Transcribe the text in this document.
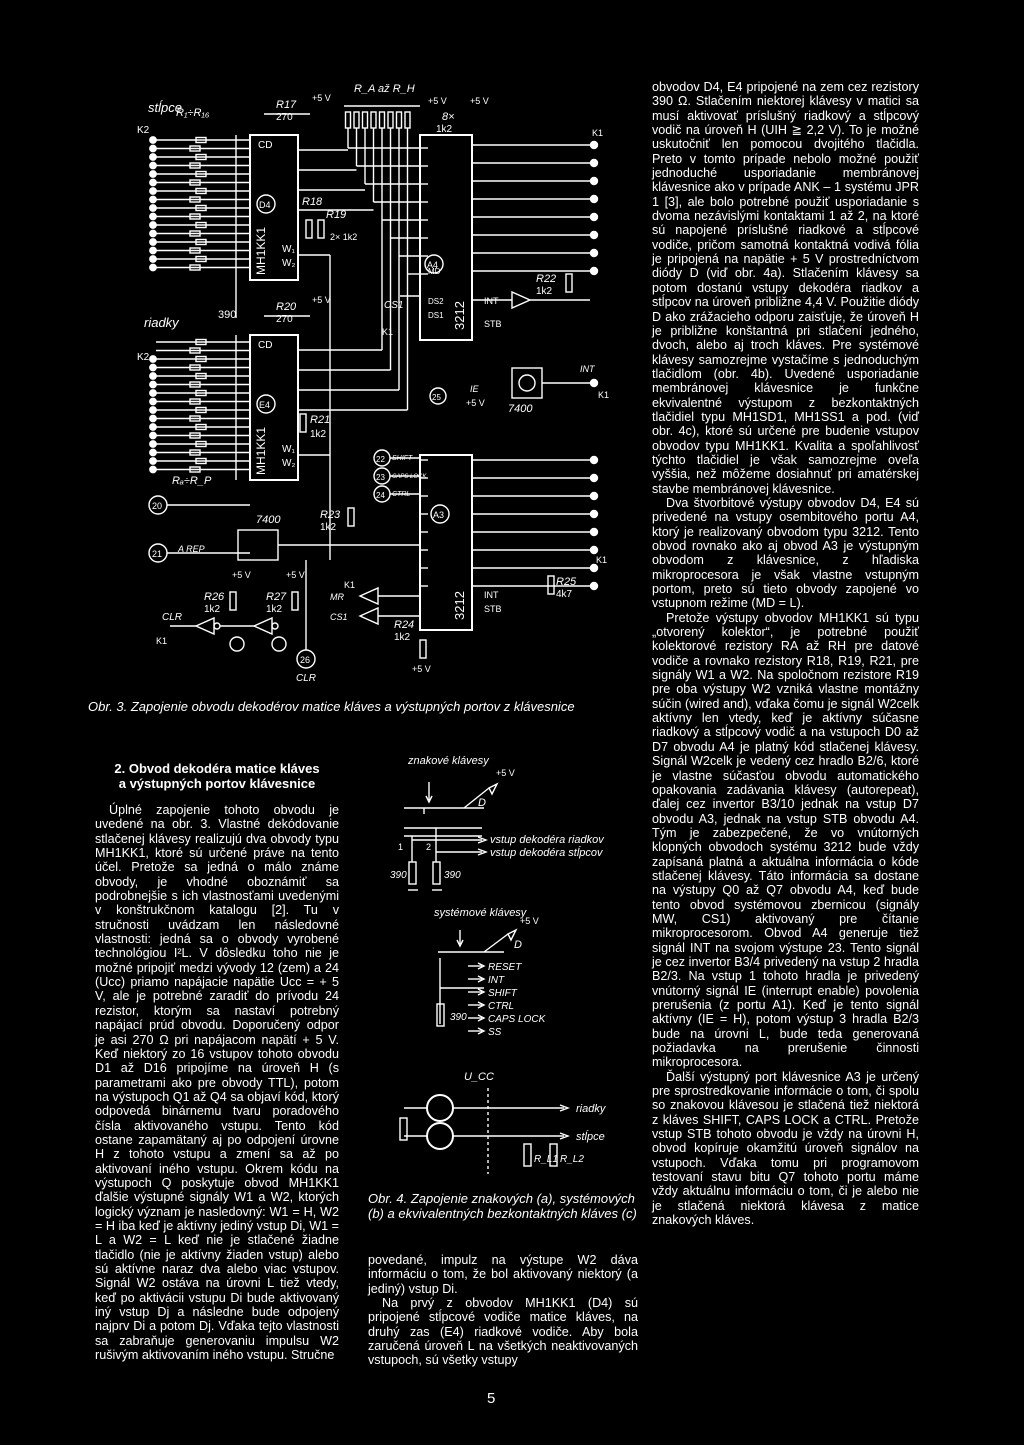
stĺpce
K2
R₁÷R₁₆
riadky
K2
Rₐ÷R_P
390
CD
D4
MH1KK1
R17
270
+5 V
CD
E4
MH1KK1
R20
270
+5 V
R_A až R_H
8×
1k2
+5 V
R18
R19
2× 1k2
W₁
W₂
R21
1k2
W₁
W₂
A4
3212
MD
DS2
DS1
CS1
K1
+5 V
INT
STB
A3
3212 INT
STB
SHIFT
CAPS LOCK
CTRL
22
23
24
25
IE
+5 V
K1
K1
K1
R22
1k2
INT
7400
R25
4k7
20
21 A REP
7400	R23
1k2
R26
1k2
R27
1k2
+5 V	+5 V
CLR
K1
26
CLR
MR
K1
CS1
R24
1k2
+5 V
Obr. 3. Zapojenie obvodu dekodérov matice kláves a výstupných portov z klávesnice
2. Obvod dekodéra matice kláves
a výstupných portov klávesnice

Úplné zapojenie tohoto obvodu je uvedené na obr. 3. Vlastné dekódovanie stlačenej klávesy realizujú dva obvody typu MH1KK1, ktoré sú určené práve na tento účel. Pretože sa jedná o málo známe obvody, je vhodné oboznámiť sa podrobnejšie s ich vlastnosťami uvedenými v konštrukčnom katalogu [2]. Tu v stručnosti uvádzam len následovné vlastnosti: jedná sa o obvody vyrobené technológiou I²L. V dôsledku toho nie je možné pripojiť medzi vývody 12 (zem) a 24 (Ucc) priamo napájacie napätie Ucc = + 5 V, ale je potrebné zaradiť do prívodu 24 rezistor, ktorým sa nastaví potrebný napájací prúd obvodu. Doporučený odpor je asi 270 Ω pri napájacom napätí + 5 V. Keď niektorý zo 16 vstupov tohoto obvodu D1 až D16 pripojíme na úroveň H (s parametrami ako pre obvody TTL), potom na výstupoch Q1 až Q4 sa objaví kód, ktorý odpovedá binárnemu tvaru poradového čísla aktivovaného vstupu. Tento kód ostane zapamätaný aj po odpojení úrovne H z tohoto vstupu a zmení sa až po aktivovaní iného vstupu. Okrem kódu na výstupoch Q poskytuje obvod MH1KK1 ďalšie výstupné signály W1 a W2, ktorých logický význam je nasledovný: W1 = H, W2 = H iba keď je aktívny jediný vstup Di, W1 = L a W2 = L keď nie je stlačené žiadne tlačidlo (nie je aktívny žiaden vstup) alebo sú aktívne naraz dva alebo viac vstupov. Signál W2 ostáva na úrovni L tiež vtedy, keď po aktivácii vstupu Di bude aktivovaný iný vstup Dj a následne bude odpojený najprv Di a potom Dj. Vďaka tejto vlastnosti sa zabraňuje generovaniu impulsu W2 rušivým aktivovaním iného vstupu. Stručne

znakové klávesy
+5 V
D
1	2
vstup dekodéra riadkov
vstup dekodéra stĺpcov
390	390
systémové klávesy
+5 V
D
390
RESET
INT
SHIFT
CTRL
CAPS LOCK
SS
U_CC
R_L1 R_L2
riadky
stĺpce
Obr. 4. Zapojenie znakových (a), systémových (b) a ekvivalentných bezkontaktných kláves (c)

povedané, impulz na výstupe W2 dáva informáciu o tom, že bol aktivovaný niektorý (a jediný) vstup Di.

Na prvý z obvodov MH1KK1 (D4) sú pripojené stĺpcové vodiče matice kláves, na druhý zas (E4) riadkové vodiče. Aby bola zaručená úroveň L na všetkých neaktivovaných vstupoch, sú všetky vstupy

obvodov D4, E4 pripojené na zem cez rezistory 390 Ω. Stlačením niektorej klávesy v matici sa musí aktivovať príslušný riadkový a stĺpcový vodič na úroveň H (UIH ≧ 2,2 V). To je možné uskutočniť len pomocou dvojitého tlačidla. Preto v tomto prípade nebolo možné použiť jednoduché usporiadanie membránovej klávesnice ako v prípade ANK – 1 systému JPR 1 [3], ale bolo potrebné použiť usporiadanie s dvoma nezávislými kontaktami 1 až 2, na ktoré sú napojené príslušné riadkové a stĺpcové vodiče, pričom samotná kontaktná vodivá fólia je pripojená na napätie + 5 V prostredníctvom diódy D (viď obr. 4a). Stlačením klávesy sa potom dostanú vstupy dekodéra riadkov a stĺpcov na úroveň približne 4,4 V. Použitie diódy D ako zrážacieho odporu zaisťuje, že úroveň H je približne konštantná pri stlačení jedného, dvoch, alebo aj troch kláves. Pre systémové klávesy samozrejme vystačíme s jednoduchým tlačidlom (obr. 4b). Uvedené usporiadanie membránovej klávesnice je funkčne ekvivalentné výstupom z bezkontaktných tlačidiel typu MH1SD1, MH1SS1 a pod. (viď obr. 4c), ktoré sú určené pre budenie vstupov obvodov typu MH1KK1. Kvalita a spoľahlivosť týchto tlačidiel je však samozrejme oveľa vyššia, než môžeme dosiahnuť pri amatérskej stavbe membránovej klávesnice.

Dva štvorbitové výstupy obvodov D4, E4 sú privedené na vstupy osembitového portu A4, ktorý je realizovaný obvodom typu 3212. Tento obvod rovnako ako aj obvod A3 je výstupným obvodom z klávesnice, z hľadiska mikroprocesora je však vlastne vstupným portom, preto sú tieto obvody zapojené vo vstupnom režime (MD = L).

Pretože výstupy obvodov MH1KK1 sú typu „otvorený kolektor“, je potrebné použiť kolektorové rezistory RA až RH pre datové vodiče a rovnako rezistory R18, R19, R21, pre signály W1 a W2. Na spoločnom rezistore R19 pre oba výstupy W2 vzniká vlastne montážny súčin (wired and), vďaka čomu je signál W2celk aktívny len vtedy, keď je aktívny súčasne riadkový a stĺpcový vodič a na vstupoch D0 až D7 obvodu A4 je platný kód stlačenej klávesy. Signál W2celk je vedený cez hradlo B2/6, ktoré je vlastne súčasťou obvodu automatického opakovania zadávania klávesy (autorepeat), ďalej cez invertor B3/10 jednak na vstup D7 obvodu A3, jednak na vstup STB obvodu A4. Tým je zabezpečené, že vo vnútorných klopných obvodoch systému 3212 bude vždy zapísaná platná a aktuálna informácia o kóde stlačenej klávesy. Táto informácia sa dostane na výstupy Q0 až Q7 obvodu A4, keď bude tento obvod systémovou zbernicou (signály MW, CS1) aktivovaný pre čítanie mikroprocesorom. Obvod A4 generuje tiež signál INT na svojom výstupe 23. Tento signál je cez invertor B3/4 privedený na vstup 2 hradla B2/3. Na vstup 1 tohoto hradla je privedený vnútorný signál IE (interrupt enable) povolenia prerušenia (z portu A1). Keď je tento signál aktívny (IE = H), potom výstup 3 hradla B2/3 bude na úrovni L, bude teda generovaná požiadavka na prerušenie činnosti mikroprocesora.

Ďalší výstupný port klávesnice A3 je určený pre sprostredkovanie informácie o tom, či spolu so znakovou klávesou je stlačená tiež niektorá z kláves SHIFT, CAPS LOCK a CTRL. Pretože vstup STB tohoto obvodu je vždy na úrovni H, obvod kopíruje okamžitú úroveň signálov na vstupoch. Vďaka tomu pri programovom testovaní stavu bitu Q7 tohoto portu máme vždy aktuálnu informáciu o tom, či je alebo nie je stlačená niektorá klávesa z matice znakových kláves.

5
